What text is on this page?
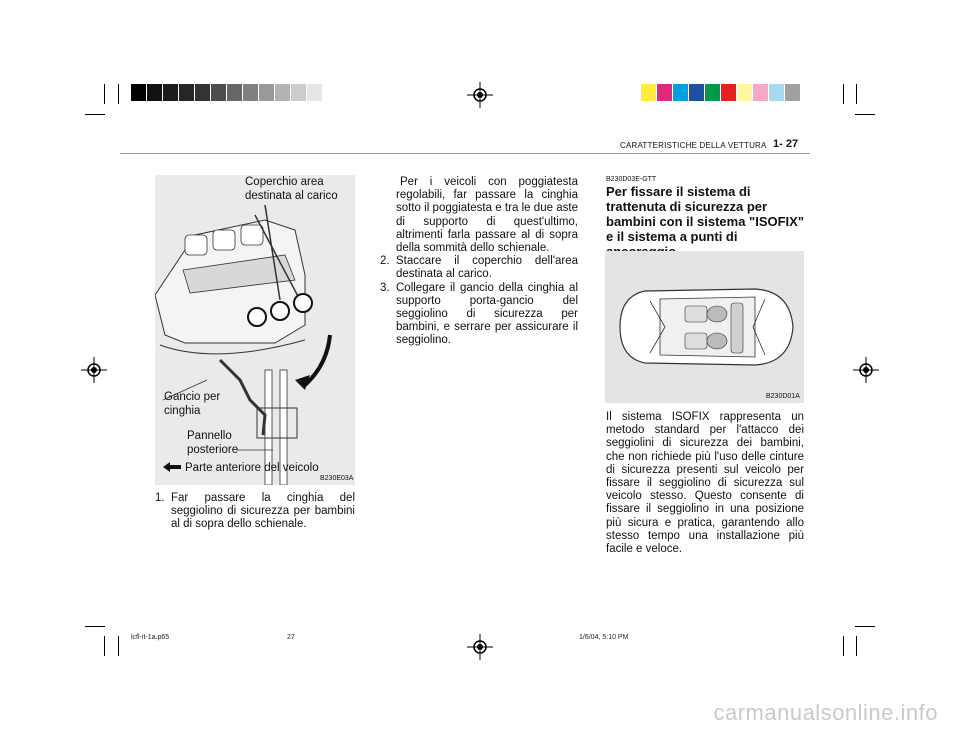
CARATTERISTICHE DELLA VETTURA 1- 27
Coperchio area destinata al carico
Gancio per cinghia
Pannello posteriore
Parte anteriore del veicolo
B230E03A

1. Far passare la cinghia del seggiolino di sicurezza per bambini al di sopra dello schienale.

Per i veicoli con poggiatesta regolabili, far passare la cinghia sotto il poggiatesta e tra le due aste di supporto di quest'ultimo, altrimenti farla passare al di sopra della sommità dello schienale.

2. Staccare il coperchio dell'area destinata al carico.

3. Collegare il gancio della cinghia al supporto porta-gancio del seggiolino di sicurezza per bambini, e serrare per assicurare il seggiolino.

B230D03E-GTT
Per fissare il sistema di trattenuta di sicurezza per bambini con il sistema "ISOFIX" e il sistema a punti di
B230D01A
Il sistema ISOFIX rappresenta un metodo standard per l'attacco dei seggiolini di sicurezza dei bambini, che non richiede più l'uso delle cinture di sicurezza presenti sul veicolo per fissare il seggiolino di sicurezza sul veicolo stesso. Questo consente di fissare il seggiolino in una posizione più sicura e pratica, garantendo allo stesso tempo una installazione più facile e veloce.
lcfl-it-1a.p65	27	1/6/04, 5:10 PM
carmanualsonline.info
